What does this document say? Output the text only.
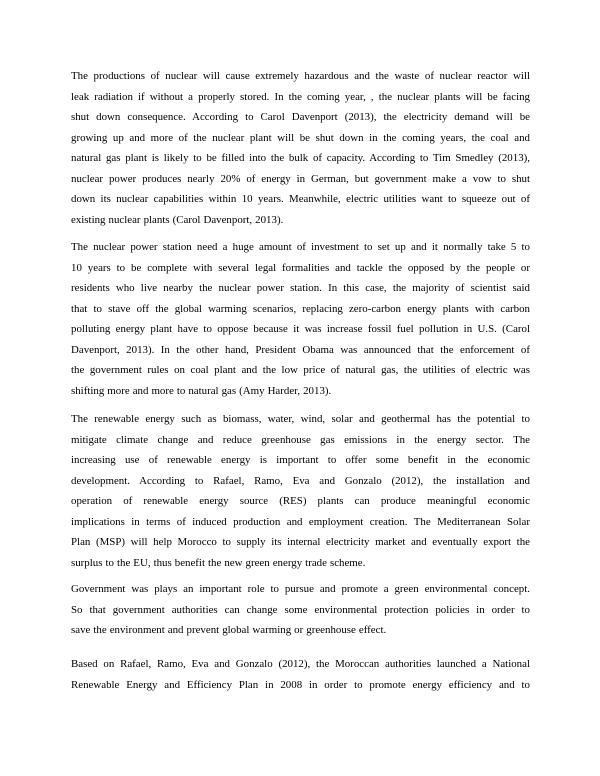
The productions of nuclear will cause extremely hazardous and the waste of nuclear reactor will
leak radiation if without a properly stored. In the coming year, , the nuclear plants will be facing
shut down consequence. According to Carol Davenport (2013), the electricity demand will be
growing up and more of the nuclear plant will be shut down in the coming years, the coal and
natural gas plant is likely to be filled into the bulk of capacity. According to Tim Smedley (2013),
nuclear power produces nearly 20% of energy in German, but government make a vow to shut
down its nuclear capabilities within 10 years. Meanwhile, electric utilities want to squeeze out of
existing nuclear plants (Carol Davenport, 2013).
The nuclear power station need a huge amount of investment to set up and it normally take 5 to
10 years to be complete with several legal formalities and tackle the opposed by the people or
residents who live nearby the nuclear power station. In this case, the majority of scientist said
that to stave off the global warming scenarios, replacing zero-carbon energy plants with carbon
polluting energy plant have to oppose because it was increase fossil fuel pollution in U.S. (Carol
Davenport, 2013). In the other hand, President Obama was announced that the enforcement of
the government rules on coal plant and the low price of natural gas, the utilities of electric was
shifting more and more to natural gas (Amy Harder, 2013).
The renewable energy such as biomass, water, wind, solar and geothermal has the potential to
mitigate climate change and reduce greenhouse gas emissions in the energy sector. The
increasing use of renewable energy is important to offer some benefit in the economic
development. According to Rafael, Ramo, Eva and Gonzalo (2012), the installation and
operation of renewable energy source (RES) plants can produce meaningful economic
implications in terms of induced production and employment creation. The Mediterranean Solar
Plan (MSP) will help Morocco to supply its internal electricity market and eventually export the
surplus to the EU, thus benefit the new green energy trade scheme.
Government was plays an important role to pursue and promote a green environmental concept.
So that government authorities can change some environmental protection policies in order to
save the environment and prevent global warming or greenhouse effect.
Based on Rafael, Ramo, Eva and Gonzalo (2012), the Moroccan authorities launched a National
Renewable Energy and Efficiency Plan in 2008 in order to promote energy efficiency and to
